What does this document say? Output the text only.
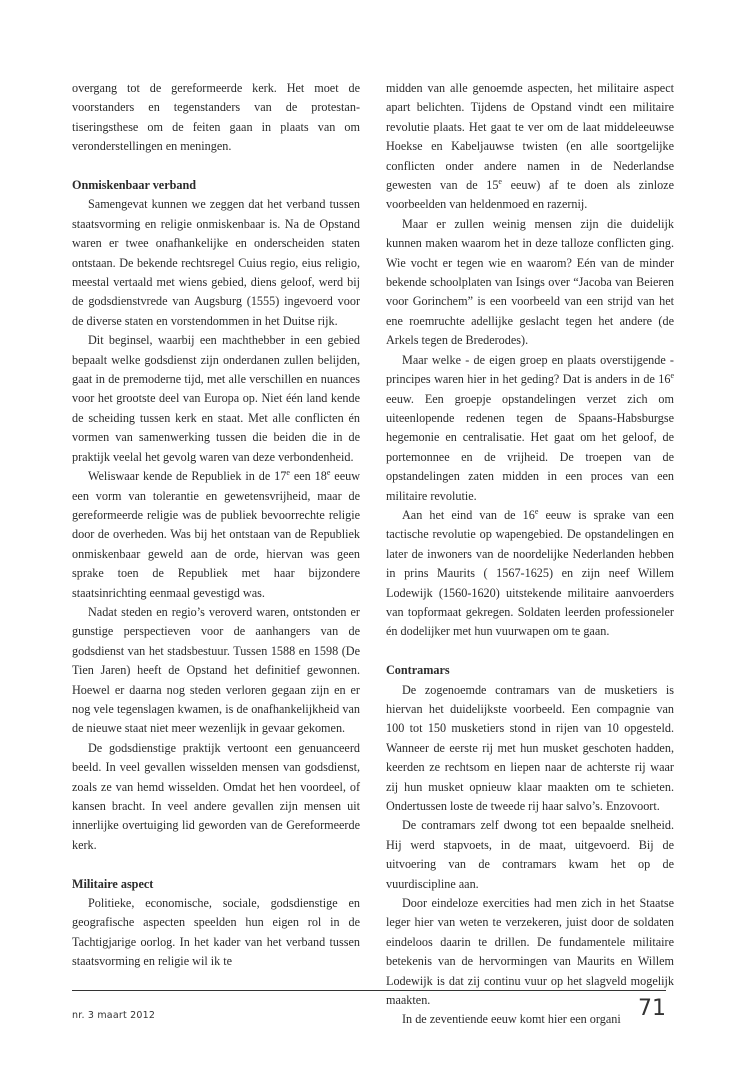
overgang tot de gereformeerde kerk. Het moet de voorstanders en tegenstanders van de protestantiseringsthese om de feiten gaan in plaats van om veronderstellingen en meningen.

Onmiskenbaar verband

Samengevat kunnen we zeggen dat het verband tussen staatsvorming en religie onmiskenbaar is. Na de Opstand waren er twee onafhankelijke en onderscheiden staten ontstaan. De bekende rechtsregel Cuius regio, eius religio, meestal vertaald met wiens gebied, diens geloof, werd bij de godsdienstvrede van Augsburg (1555) ingevoerd voor de diverse staten en vorstendommen in het Duitse rijk.

Dit beginsel, waarbij een machthebber in een gebied bepaalt welke godsdienst zijn onderdanen zullen belijden, gaat in de premoderne tijd, met alle verschillen en nuances voor het grootste deel van Europa op. Niet één land kende de scheiding tussen kerk en staat. Met alle conflicten én vormen van samenwerking tussen die beiden die in de praktijk veelal het gevolg waren van deze verbondenheid.

Weliswaar kende de Republiek in de 17e een 18e eeuw een vorm van tolerantie en gewetensvrijheid, maar de gereformeerde religie was de publiek bevoorrechte religie door de overheden. Was bij het ontstaan van de Republiek onmiskenbaar geweld aan de orde, hiervan was geen sprake toen de Republiek met haar bijzondere staatsinrichting eenmaal gevestigd was.

Nadat steden en regio’s veroverd waren, ontstonden er gunstige perspectieven voor de aanhangers van de godsdienst van het stadsbestuur. Tussen 1588 en 1598 (De Tien Jaren) heeft de Opstand het definitief gewonnen. Hoewel er daarna nog steden verloren gegaan zijn en er nog vele tegenslagen kwamen, is de onafhankelijkheid van de nieuwe staat niet meer wezenlijk in gevaar gekomen.

De godsdienstige praktijk vertoont een genuanceerd beeld. In veel gevallen wisselden mensen van godsdienst, zoals ze van hemd wisselden. Omdat het hen voordeel, of kansen bracht. In veel andere gevallen zijn mensen uit innerlijke overtuiging lid geworden van de Gereformeerde kerk.

Militaire aspect

Politieke, economische, sociale, godsdienstige en geografische aspecten speelden hun eigen rol in de Tachtigjarige oorlog. In het kader van het verband tussen staatsvorming en religie wil ik te

midden van alle genoemde aspecten, het militaire aspect apart belichten. Tijdens de Opstand vindt een militaire revolutie plaats. Het gaat te ver om de laat middeleeuwse Hoekse en Kabeljauwse twisten (en alle soortgelijke conflicten onder andere namen in de Nederlandse gewesten van de 15e eeuw) af te doen als zinloze voorbeelden van heldenmoed en razernij.

Maar er zullen weinig mensen zijn die duidelijk kunnen maken waarom het in deze talloze conflicten ging. Wie vocht er tegen wie en waarom? Eén van de minder bekende schoolplaten van Isings over “Jacoba van Beieren voor Gorinchem” is een voorbeeld van een strijd van het ene roemruchte adellijke geslacht tegen het andere (de Arkels tegen de Brederodes).

Maar welke - de eigen groep en plaats overstijgende - principes waren hier in het geding? Dat is anders in de 16e eeuw. Een groepje opstandelingen verzet zich om uiteenlopende redenen tegen de Spaans-Habsburgse hegemonie en centralisatie. Het gaat om het geloof, de portemonnee en de vrijheid. De troepen van de opstandelingen zaten midden in een proces van een militaire revolutie.

Aan het eind van de 16e eeuw is sprake van een tactische revolutie op wapengebied. De opstandelingen en later de inwoners van de noordelijke Nederlanden hebben in prins Maurits ( 1567-1625) en zijn neef Willem Lodewijk (1560-1620) uitstekende militaire aanvoerders van topformaat gekregen. Soldaten leerden professioneler én dodelijker met hun vuurwapen om te gaan.

Contramars

De zogenoemde contramars van de musketiers is hiervan het duidelijkste voorbeeld. Een compagnie van 100 tot 150 musketiers stond in rijen van 10 opgesteld. Wanneer de eerste rij met hun musket geschoten hadden, keerden ze rechtsom en liepen naar de achterste rij waar zij hun musket opnieuw klaar maakten om te schieten. Ondertussen loste de tweede rij haar salvo’s. Enzovoort.

De contramars zelf dwong tot een bepaalde snelheid. Hij werd stapvoets, in de maat, uitgevoerd. Bij de uitvoering van de contramars kwam het op de vuurdiscipline aan.

Door eindeloze exercities had men zich in het Staatse leger hier van weten te verzekeren, juist door de soldaten eindeloos daarin te drillen. De fundamentele militaire betekenis van de hervormingen van Maurits en Willem Lodewijk is dat zij continu vuur op het slagveld mogelijk maakten.

In de zeventiende eeuw komt hier een organi

nr. 3 maart 2012	71
